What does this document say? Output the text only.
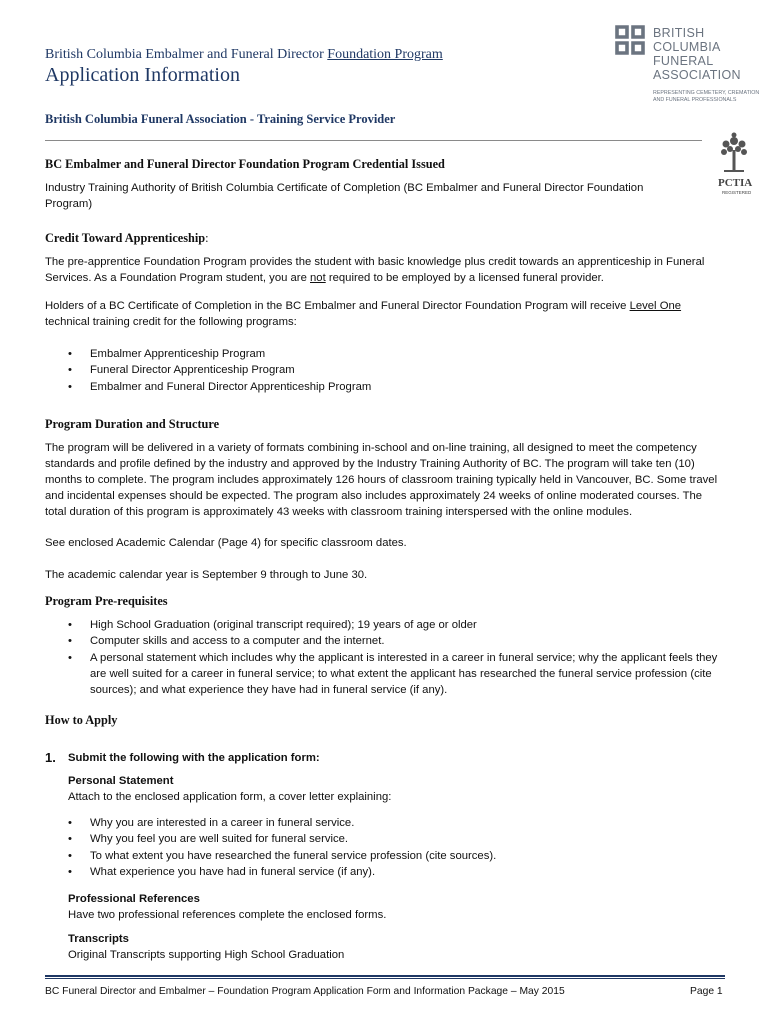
British Columbia Embalmer and Funeral Director Foundation Program
Application Information
British Columbia Funeral Association - Training Service Provider
BRITISH
COLUMBIA
FUNERAL
ASSOCIATION
REPRESENTING CEMETERY, CREMATION
AND FUNERAL PROFESSIONALS
PCTIA
REGISTERED
BC Embalmer and Funeral Director Foundation Program Credential Issued
Industry Training Authority of British Columbia Certificate of Completion (BC Embalmer and Funeral Director Foundation Program)
Credit Toward Apprenticeship:
The pre-apprentice Foundation Program provides the student with basic knowledge plus credit towards an apprenticeship in Funeral Services. As a Foundation Program student, you are not required to be employed by a licensed funeral provider.
Holders of a BC Certificate of Completion in the BC Embalmer and Funeral Director Foundation Program will receive Level One technical training credit for the following programs:
• Embalmer Apprenticeship Program
• Funeral Director Apprenticeship Program
• Embalmer and Funeral Director Apprenticeship Program
Program Duration and Structure
The program will be delivered in a variety of formats combining in-school and on-line training, all designed to meet the competency standards and profile defined by the industry and approved by the Industry Training Authority of BC. The program will take ten (10) months to complete. The program includes approximately 126 hours of classroom training typically held in Vancouver, BC. Some travel and incidental expenses should be expected. The program also includes approximately 24 weeks of online moderated courses. The total duration of this program is approximately 43 weeks with classroom training interspersed with the online modules.
See enclosed Academic Calendar (Page 4) for specific classroom dates.
The academic calendar year is September 9 through to June 30.
Program Pre-requisites
• High School Graduation (original transcript required); 19 years of age or older
• Computer skills and access to a computer and the internet.
• A personal statement which includes why the applicant is interested in a career in funeral service; why the applicant feels they are well suited for a career in funeral service; to what extent the applicant has researched the funeral service profession (cite sources); and what experience they have had in funeral service (if any).
How to Apply
1. Submit the following with the application form:
Personal Statement
Attach to the enclosed application form, a cover letter explaining:
• Why you are interested in a career in funeral service.
• Why you feel you are well suited for funeral service.
• To what extent you have researched the funeral service profession (cite sources).
• What experience you have had in funeral service (if any).
Professional References
Have two professional references complete the enclosed forms.
Transcripts
Original Transcripts supporting High School Graduation
BC Funeral Director and Embalmer – Foundation Program Application Form and Information Package – May 2015	Page 1
